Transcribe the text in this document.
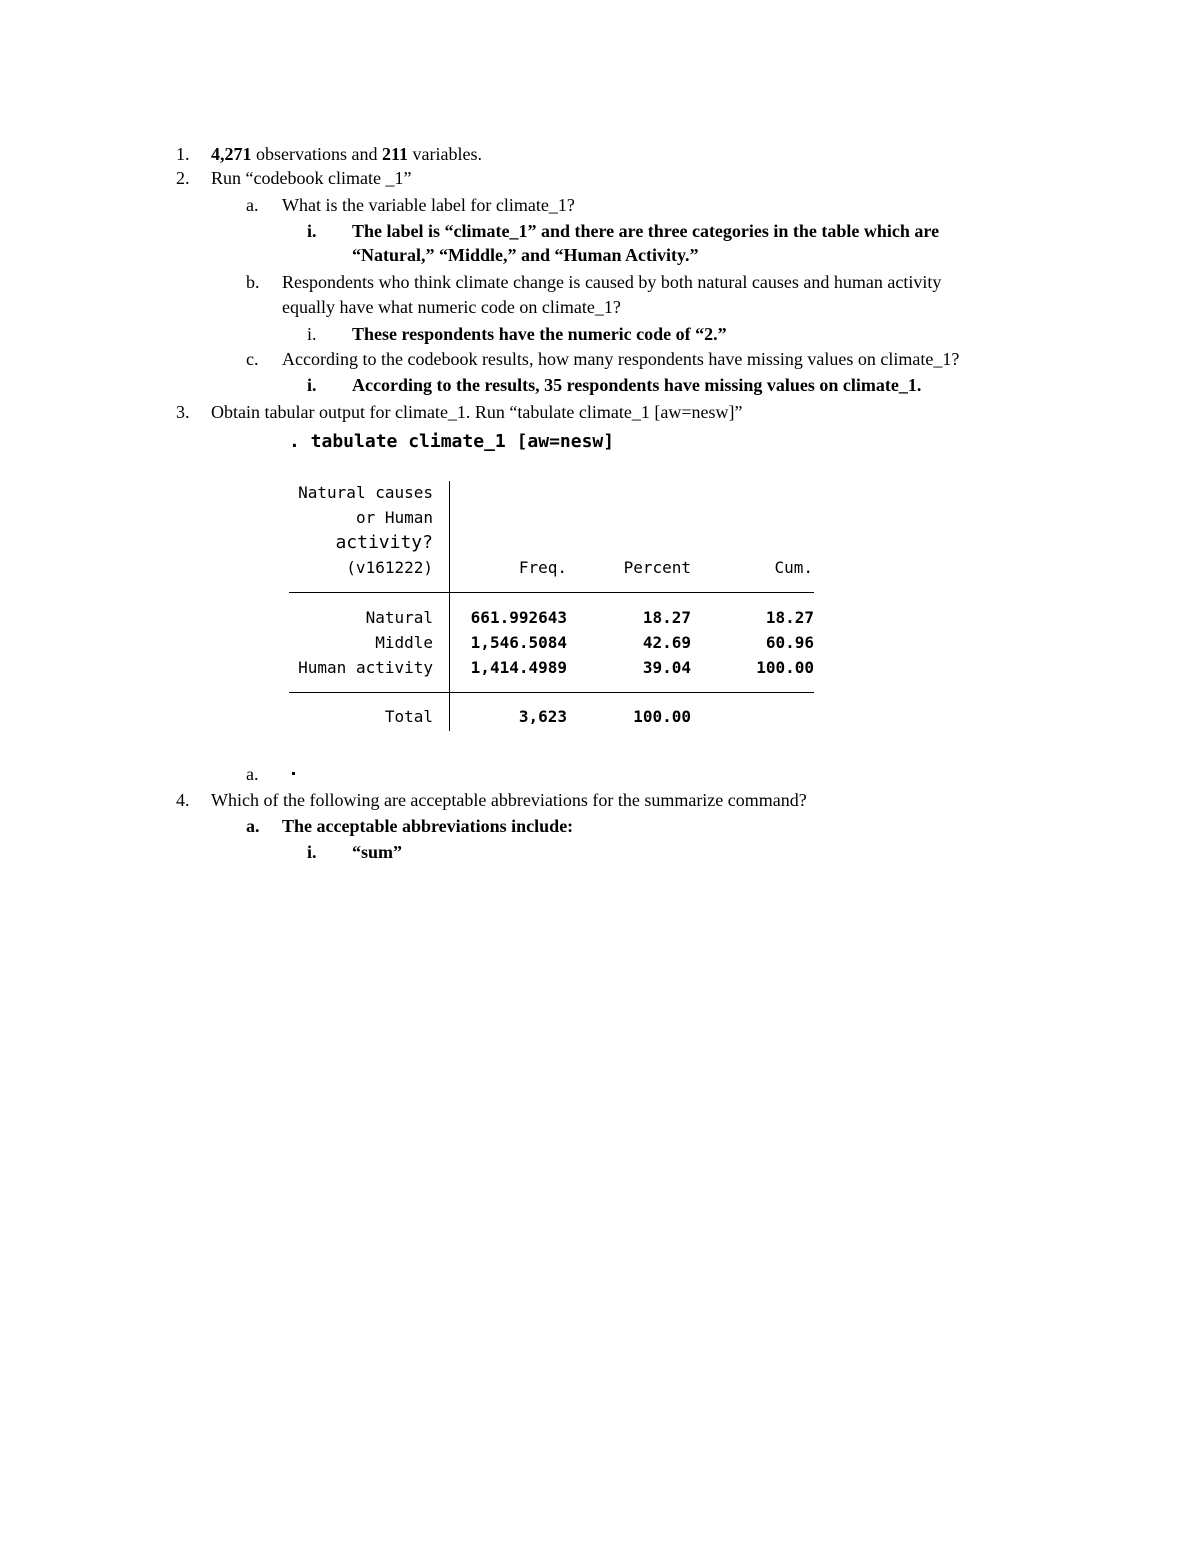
1. 4,271 observations and 211 variables.
2. Run “codebook climate _1”
a. What is the variable label for climate_1?
i. The label is “climate_1” and there are three categories in the table which are
“Natural,” “Middle,” and “Human Activity.”
b. Respondents who think climate change is caused by both natural causes and human activity
equally have what numeric code on climate_1?
i. These respondents have the numeric code of “2.”
c. According to the codebook results, how many respondents have missing values on climate_1?
i. According to the results, 35 respondents have missing values on climate_1.
3. Obtain tabular output for climate_1. Run “tabulate climate_1 [aw=nesw]”
. tabulate climate_1 [aw=nesw]
Natural causes
or Human
activity?
(v161222)	Freq.	Percent	Cum.
Natural	661.992643	18.27	18.27
Middle	1,546.5084	42.69	60.96
Human activity	1,414.4989	39.04	100.00
Total	3,623	100.00
a.
4. Which of the following are acceptable abbreviations for the summarize command?
a. The acceptable abbreviations include:
i. “sum”
